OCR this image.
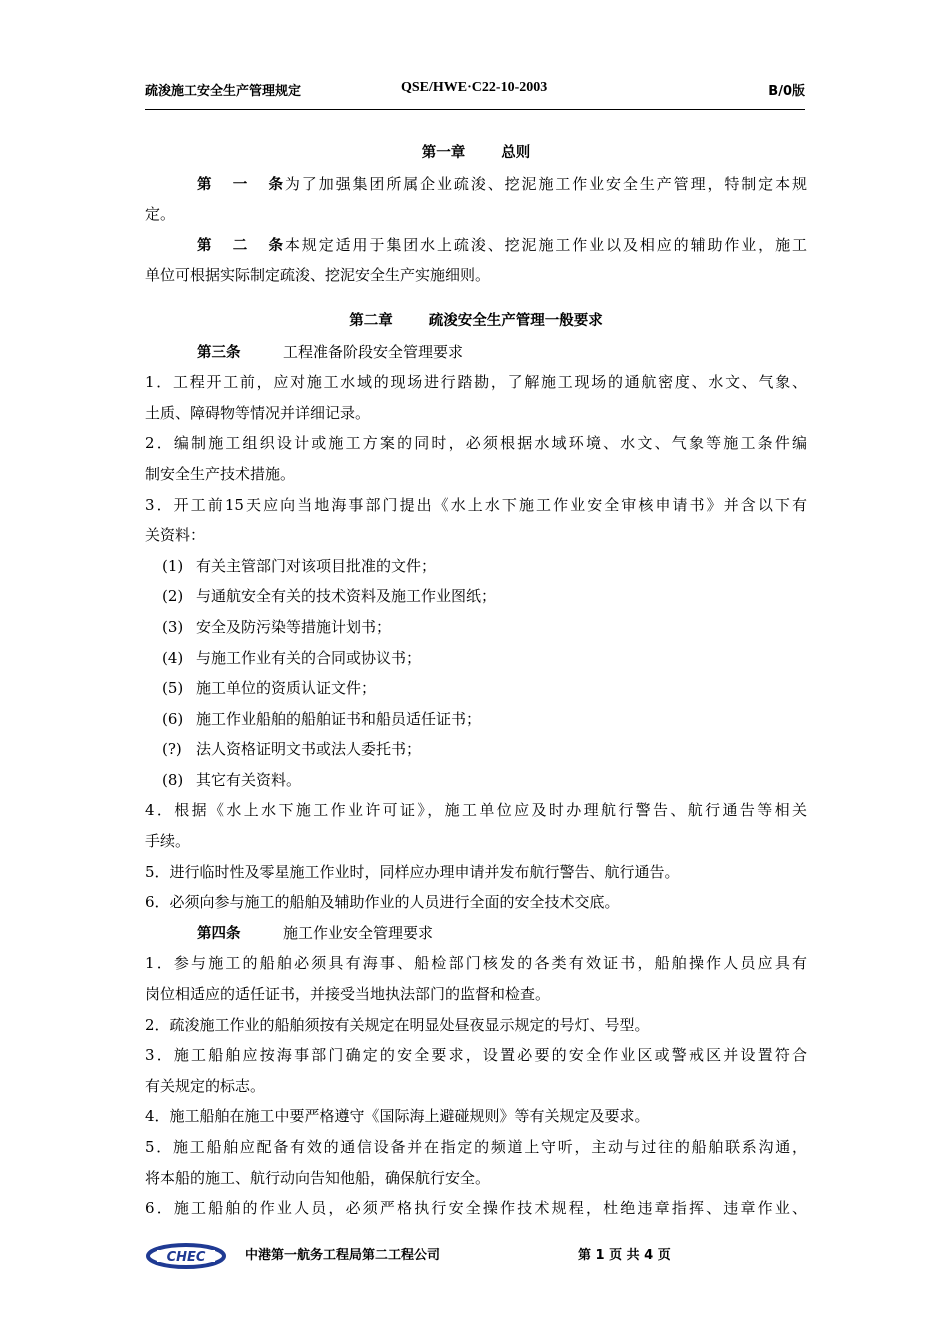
疏浚施工安全生产管理规定	QSE/HWE·C22-10-2003	B/0版
第一章 总则
第一条为了加强集团所属企业疏浚、挖泥施工作业安全生产管理，特制定本规
定。
第二条本规定适用于集团水上疏浚、挖泥施工作业以及相应的辅助作业，施工
单位可根据实际制定疏浚、挖泥安全生产实施细则。
第二章 疏浚安全生产管理一般要求
第三条	工程准备阶段安全管理要求
1．工程开工前，应对施工水域的现场进行踏勘，了解施工现场的通航密度、水文、气象、
土质、障碍物等情况并详细记录。
2．编制施工组织设计或施工方案的同时，必须根据水域环境、水文、气象等施工条件编
制安全生产技术措施。
3．开工前15天应向当地海事部门提出《水上水下施工作业安全审核申请书》并含以下有
关资料：
(1) 有关主管部门对该项目批准的文件；
(2) 与通航安全有关的技术资料及施工作业图纸；
(3) 安全及防污染等措施计划书；
(4) 与施工作业有关的合同或协议书；
(5) 施工单位的资质认证文件；
(6) 施工作业船舶的船舶证书和船员适任证书；
(?) 法人资格证明文书或法人委托书；
(8) 其它有关资料。
4．根据《水上水下施工作业许可证》，施工单位应及时办理航行警告、航行通告等相关
手续。
5．进行临时性及零星施工作业时，同样应办理申请并发布航行警告、航行通告。
6．必须向参与施工的船舶及辅助作业的人员进行全面的安全技术交底。
第四条	施工作业安全管理要求
1．参与施工的船舶必须具有海事、船检部门核发的各类有效证书，船舶操作人员应具有
岗位相适应的适任证书，并接受当地执法部门的监督和检查。
2．疏浚施工作业的船舶须按有关规定在明显处昼夜显示规定的号灯、号型。
3．施工船舶应按海事部门确定的安全要求，设置必要的安全作业区或警戒区并设置符合
有关规定的标志。
4．施工船舶在施工中要严格遵守《国际海上避碰规则》等有关规定及要求。
5．施工船舶应配备有效的通信设备并在指定的频道上守听，主动与过往的船舶联系沟通，
将本船的施工、航行动向告知他船，确保航行安全。
6．施工船舶的作业人员，必须严格执行安全操作技术规程，杜绝违章指挥、违章作业、
CHEC	中港第一航务工程局第二工程公司	第 1 页 共 4 页
